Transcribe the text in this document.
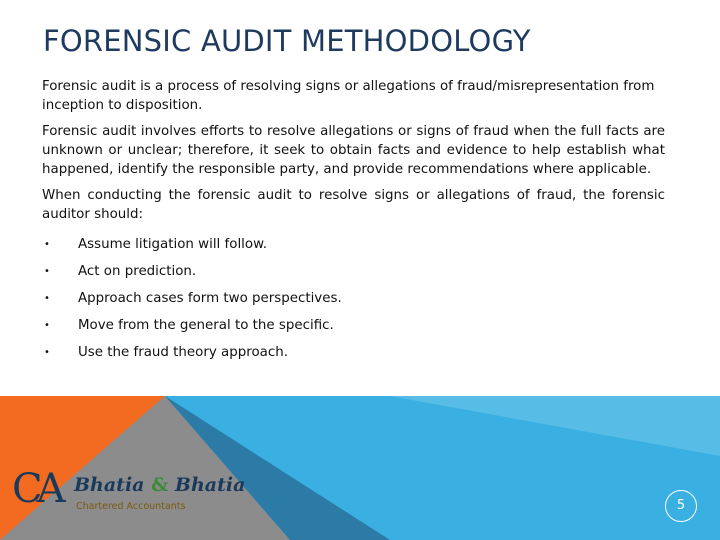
FORENSIC AUDIT METHODOLOGY

Forensic audit is a process of resolving signs or allegations of fraud/misrepresentation from inception to disposition.

Forensic audit involves efforts to resolve allegations or signs of fraud when the full facts are unknown or unclear; therefore, it seek to obtain facts and evidence to help establish what happened, identify the responsible party, and provide recommendations where applicable.

When conducting the forensic audit to resolve signs or allegations of fraud, the forensic auditor should:

• Assume litigation will follow.
• Act on prediction.
• Approach cases form two perspectives.
• Move from the general to the specific.
• Use the fraud theory approach.
CA Bhatia & Bhatia
Chartered Accountants	5
